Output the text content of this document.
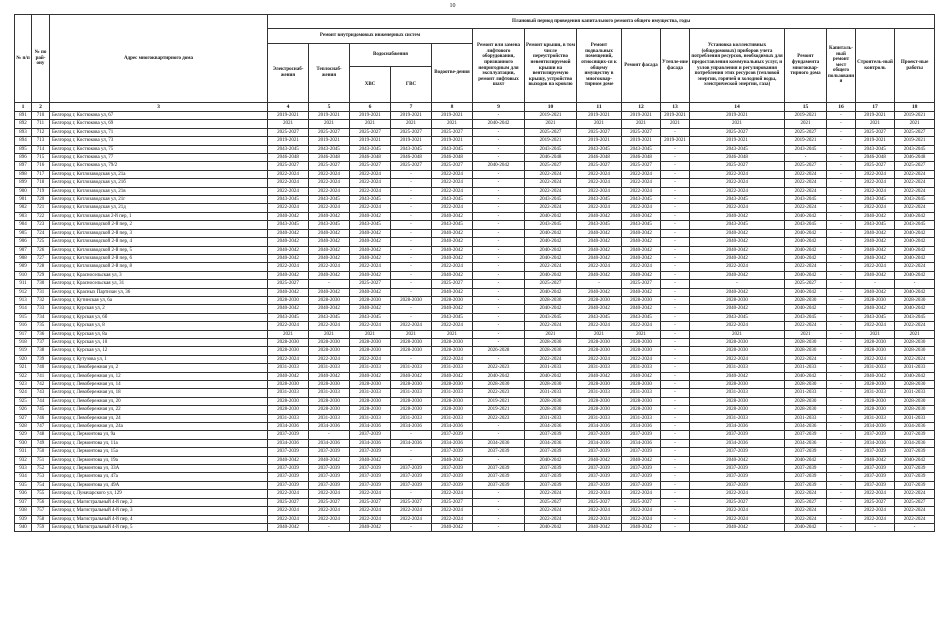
10
№ п/п	№ по рай-ону	Адрес многоквартирного дома	Плановый период проведения капитального ремонта общего имущества, годы														
			Ремонт внутридомовых инженерных систем					Ремонт или замена лифтового оборудования, признанного непригодным для эксплуатации, ремонт лифтовых шахт	Ремонт крыши, в том числе переустройство невентилируемой крыши на вентилируемую крышу, устройство выходов на кровлю	Ремонт подвальных помещений, относящих-ся к общему имуществу в многоквар-тирном доме	Ремонт фасада	Утепле-ние фасада	Установка коллективных (общедомовых) приборов учета потребления ресурсов, необходимых для предоставления коммунальных услуг, и узлов управления и регулирования потребления этих ресурсов (тепловой энергии, горячей и холодной воды, электрической энергии, газа)	Ремонт фундамента многоквар-тирного дома	Капиталь-ный ремонт мест общего пользовани я	Строитель-ный контроль	Проект-ные работы
			Электроснаб-жения	Теплоснаб-жения	Водоснабжения
ХВС ГВС		Водоотве-дения										
1	2	3	4	5	6	7	8	9	10	11	12	13	14	15	16	17	18
891	710	Белгород г, Костюкова ул, 67	2019-2021	2019-2021	2019-2021	2019-2021	2019-2021	-	2019-2021	2019-2021	2019-2021	2019-2021	2019-2021	2019-2021	-	2019-2021	2019-2021
892	711	Белгород г, Костюкова ул, 69	2021	2021	2021	2021	2021	2040-2042	2021	2021	2021	2021	2021	2021	-	2021	2021
893	712	Белгород г, Костюкова ул, 71	2025-2027	2025-2027	2025-2027	2025-2027	2025-2027	-	2025-2027	2025-2027	2025-2027	-	2025-2027	2025-2027	-	2025-2027	2025-2027
894	713	Белгород г, Костюкова ул, 73	2019-2021	2019-2021	2019-2021	2019-2021	2019-2021	-	2019-2021	2019-2021	2019-2021	2019-2021	2019-2021	2019-2021	-	2019-2021	2019-2021
895	714	Белгород г, Костюкова ул, 75	2043-2045	2043-2045	2043-2045	2043-2045	2043-2045	-	2043-2045	2043-2045	2043-2045	-	2043-2045	2043-2045	-	2043-2045	2043-2045
896	715	Белгород г, Костюкова ул, 77	2046-2048	2046-2048	2046-2048	2046-2048	2046-2048	-	2046-2048	2046-2048	2046-2048	-	2046-2048	-	-	2046-2048	2046-2048
897	716	Белгород г, Костюкова ул, 79/2	2025-2027	2025-2027	2025-2027	2025-2027	2025-2027	2040-2042	2025-2027	2025-2027	2025-2027	-	2025-2027	2025-2027	-	2025-2027	2025-2027
898	717	Белгород г, Котлозаводская ул, 21а	2022-2024	2022-2024	2022-2024	-	2022-2024	-	2022-2024	2022-2024	2022-2024	-	2022-2024	2022-2024	-	2022-2024	2022-2024
899	718	Белгород г, Котлозаводская ул, 21б	2022-2024	2022-2024	2022-2024	-	2022-2024	-	2022-2024	2022-2024	2022-2024	-	2022-2024	2022-2024	-	2022-2024	2022-2024
900	719	Белгород г, Котлозаводская ул, 21в	2022-2024	2022-2024	2022-2024	-	2022-2024	-	2022-2024	2022-2024	2022-2024	-	2022-2024	2022-2024	-	2022-2024	2022-2024
901	720	Белгород г, Котлозаводская ул, 21г	2043-2045	2043-2045	2043-2045	-	2043-2045	-	2043-2045	2043-2045	2043-2045	-	2043-2045	2043-2045	-	2043-2045	2043-2045
902	721	Белгород г, Котлозаводская ул, 21д	2022-2024	2022-2024	2022-2024	-	2022-2024	-	2022-2024	2022-2024	2022-2024	-	2022-2024	2022-2024	-	2022-2024	2022-2024
903	722	Белгород г, Котлозаводская 2-й пер, 1	2040-2042	2040-2042	2040-2042	-	2040-2042	-	2040-2042	2040-2042	2040-2042	-	2040-2042	2040-2042	-	2040-2042	2040-2042
904	723	Белгород г, Котлозаводской 2-й пер, 2	2043-2045	2043-2045	2043-2045	-	2043-2045	-	2043-2045	2043-2045	2043-2045	-	2043-2045	2043-2045	-	2043-2045	2043-2045
905	724	Белгород г, Котлозаводской 2-й пер, 3	2040-2042	2040-2042	2040-2042	-	2040-2042	-	2040-2042	2040-2042	2040-2042	-	2040-2042	2040-2042	-	2040-2042	2040-2042
906	725	Белгород г, Котлозаводской 2-й пер, 4	2040-2042	2040-2042	2040-2042	-	2040-2042	-	2040-2042	2040-2042	2040-2042	-	2040-2042	2040-2042	-	2040-2042	2040-2042
907	726	Белгород г, Котлозаводской 2-й пер, 5	2040-2042	2040-2042	2040-2042	-	2040-2042	-	2040-2042	2040-2042	2040-2042	-	2040-2042	2040-2042	-	2040-2042	2040-2042
908	727	Белгород г, Котлозаводской 2-й пер, 6	2040-2042	2040-2042	2040-2042	-	2040-2042	-	2040-2042	2040-2042	2040-2042	-	2040-2042	2040-2042	-	2040-2042	2040-2042
909	728	Белгород г, Котлозаводской 2-й пер, 8	2022-2024	2022-2024	2022-2024	-	2022-2024	-	2022-2024	2022-2024	2022-2024	-	2022-2024	2022-2024	-	2022-2024	2022-2024
910	729	Белгород г, Красносельская ул, 3	2040-2042	2040-2042	2040-2042	-	2040-2042	-	2040-2042	2040-2042	2040-2042	-	2040-2042	2040-2042	-	2040-2042	2040-2042
911	730	Белгород г, Красносельская ул, 31	2025-2027	-	2025-2027	-	2025-2027	-	2025-2027	-	2025-2027	-	-	2025-2027	-	-	-
912	731	Белгород г, Красных Партизан ул, 36	2040-2042	2040-2042	2040-2042	-	2040-2042	-	2040-2042	2040-2042	2040-2042	-	2040-2042	2040-2042	-	2040-2042	2040-2042
913	732	Белгород г, Кутинская ул, 6а	2028-2030	2028-2030	2028-2030	2028-2030	2028-2030	-	2028-2030	2028-2030	2028-2030	-	2028-2030	2028-2030	—	2028-2030	2028-2030
914	733	Белгород г, Курская ул, 2	2040-2042	2040-2042	2040-2042	-	2040-2042	-	2040-2042	2040-2042	2040-2042	-	2040-2042	2040-2042	-	2040-2042	2040-2042
915	734	Белгород г, Курская ул, 6б	2043-2045	2043-2045	2043-2045	-	2043-2045	-	2043-2045	2043-2045	2043-2045	-	2043-2045	2043-2045	-	2043-2045	2043-2045
916	735	Белгород г, Курская ул, 8	2022-2024	2022-2024	2022-2024	2022-2024	2022-2024	-	2022-2024	2022-2024	2022-2024	-	2022-2024	2022-2024	-	2022-2024	2022-2024
917	736	Белгород г, Курская ул, 8а	2021	2021	2021	2021	2021	-	2021	2021	2021	-	2021	2021	-	2021	2021
918	737	Белгород г, Курская ул, 10	2028-2030	2028-2030	2028-2030	2028-2030	2028-2030	-	2028-2030	2028-2030	2028-2030	-	2028-2030	2028-2030	-	2028-2030	2028-2030
919	738	Белгород г, Курская ул, 12	2028-2030	2028-2030	2028-2030	2028-2030	2028-2030	2026-2028	2028-2030	2028-2030	2028-2030	-	2028-2030	2028-2030	-	2028-2030	2028-2030
920	739	Белгород г, Кутузова ул, 1	2022-2024	2022-2024	2022-2024	-	2022-2024	-	2022-2024	2022-2024	2022-2024	-	2022-2024	2022-2024	-	2022-2024	2022-2024
921	740	Белгород г, Левобережная ул, 2	2031-2033	2031-2033	2031-2033	2031-2033	2031-2033	2022-2023	2031-2033	2031-2033	2031-2033	-	2031-2033	2031-2033	-	2031-2033	2031-2033
922	741	Белгород г, Левобережная ул, 12	2040-2042	2040-2042	2040-2042	2040-2042	2040-2042	2040-2042	2040-2042	2040-2042	2040-2042	-	2040-2042	2040-2042	-	2040-2042	2040-2042
923	742	Белгород г, Левобережная ул, 14	2028-2030	2028-2030	2028-2030	2028-2030	2028-2030	2028-2030	2028-2030	2028-2030	2028-2030	-	2028-2030	2028-2030	-	2028-2030	2028-2030
924	743	Белгород г, Левобережная ул, 18	2031-2033	2031-2033	2031-2033	2031-2033	2031-2033	2022-2023	2031-2033	2031-2033	2031-2033	-	2031-2033	2031-2033	-	2031-2033	2031-2033
925	744	Белгород г, Левобережная ул, 20	2028-2030	2028-2030	2028-2030	2028-2030	2028-2030	2019-2021	2028-2030	2028-2030	2028-2030	-	2028-2030	2028-2030	-	2028-2030	2028-2030
926	745	Белгород г, Левобережная ул, 22	2028-2030	2028-2030	2028-2030	2028-2030	2028-2030	2019-2021	2028-2030	2028-2030	2028-2030	-	2028-2030	2028-2030	-	2028-2030	2028-2030
927	746	Белгород г, Левобережная ул, 24	2031-2033	2031-2033	2031-2033	2031-2033	2031-2033	2022-2023	2031-2033	2031-2033	2031-2033	-	2031-2033	2031-2033	-	2031-2033	2031-2033
928	747	Белгород г, Левобережная ул, 24а	2034-2036	2034-2036	2034-2036	2034-2036	2034-2036	-	2034-2036	2034-2036	2034-2036	-	2034-2036	2034-2036	-	2034-2036	2034-2036
929	748	Белгород г, Лермонтова ул, 9а	2037-2039	-	2037-2039	-	2037-2039	-	2037-2039	2037-2039	2037-2039	-	2037-2039	2037-2039	-	2037-2039	2037-2039
930	749	Белгород г, Лермонтова ул, 11а	2034-2036	2034-2036	2034-2036	2034-2036	2034-2036	2034-2036	2034-2036	2034-2036	2034-2036	-	2034-2036	2034-2036	-	2034-2036	2034-2036
931	750	Белгород г, Лермонтова ул, 15а	2037-2039	2037-2039	2037-2039	-	2037-2039	2037-2039	2037-2039	2037-2039	2037-2039	-	2037-2039	2037-2039	-	2037-2039	2037-2039
932	751	Белгород г, Лермонтова ул, 19а	2040-2042	2040-2042	2040-2042	-	2040-2042	-	2040-2042	2040-2042	2040-2042	-	2040-2042	2040-2042	-	2040-2042	2040-2042
933	752	Белгород г, Лермонтова ул, 33А	2037-2039	2037-2039	2037-2039	2037-2039	2037-2039	2037-2039	2037-2039	2037-2039	2037-2039	-	2037-2039	2037-2039	-	2037-2039	2037-2039
934	753	Белгород г, Лермонтова ул, 47а	2037-2039	2037-2039	2037-2039	2037-2039	2037-2039	2037-2039	2037-2039	2037-2039	2037-2039	-	2037-2039	2037-2039	-	2037-2039	2037-2039
935	754	Белгород г, Лермонтова ул, 49А	2037-2039	2037-2039	2037-2039	2037-2039	2037-2039	2037-2039	2037-2039	2037-2039	2037-2039	-	2037-2039	2037-2039	-	2037-2039	2037-2039
936	755	Белгород г, Луначарского ул, 129	2022-2024	2022-2024	2022-2024	-	2022-2024	-	2022-2024	2022-2024	2022-2024	-	2022-2024	2022-2024	-	2022-2024	2022-2024
937	756	Белгород г, Магистральный 4-й пер, 2	2025-2027	2025-2027	2025-2027	2025-2027	2025-2027	-	2025-2027	2025-2027	2025-2027	-	2025-2027	2025-2027	-	2025-2027	2025-2027
938	757	Белгород г, Магистральный 4-й пер, 3	2022-2024	2022-2024	2022-2024	2022-2024	2022-2024	-	2022-2024	2022-2024	2022-2024	-	2022-2024	2022-2024	-	2022-2024	2022-2024
939	758	Белгород г, Магистральный 4-й пер, 4	2022-2024	2022-2024	2022-2024	2022-2024	2022-2024	-	2022-2024	2022-2024	2022-2024	-	2022-2024	2022-2024	-	2022-2024	2022-2024
940	759	Белгород г, Магистральный 4-й пер, 5	2040-2042	-	2040-2042	-	2040-2042	-	2040-2042	2040-2042	2040-2042	-	2040-2042	2040-2042	-	-	-
